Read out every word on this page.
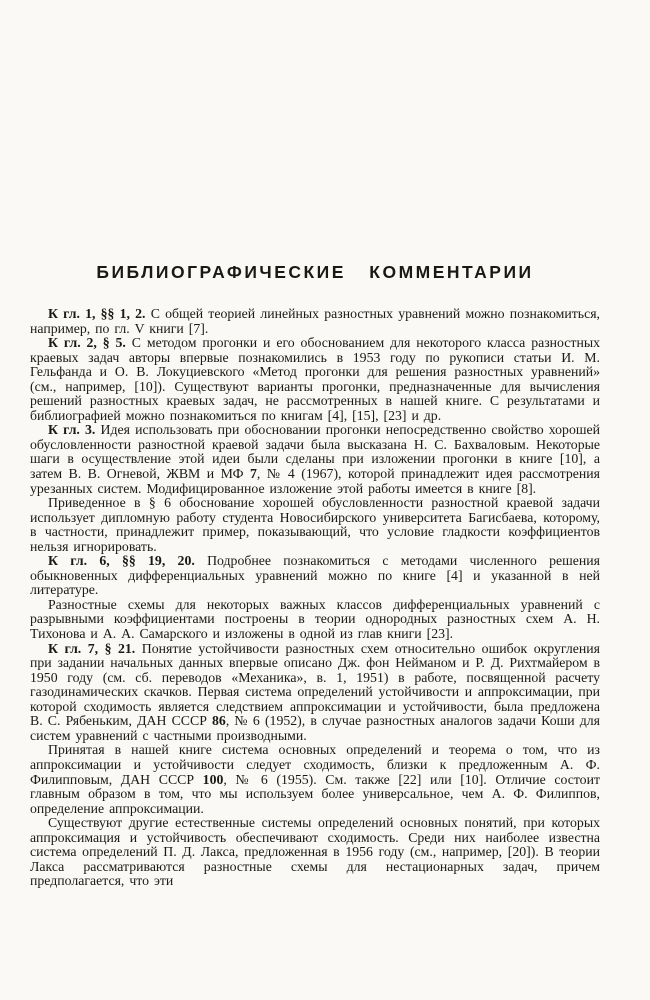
БИБЛИОГРАФИЧЕСКИЕ КОММЕНТАРИИ

К гл. 1, §§ 1, 2. С общей теорией линейных разностных уравнений можно познакомиться, например, по гл. V книги [7].

К гл. 2, § 5. С методом прогонки и его обоснованием для некоторого класса разностных краевых задач авторы впервые познакомились в 1953 году по рукописи статьи И. М. Гельфанда и О. В. Локуциевского «Метод прогонки для решения разностных уравнений» (см., например, [10]). Существуют варианты прогонки, предназначенные для вычисления решений разностных краевых задач, не рассмотренных в нашей книге. С результатами и библиографией можно познакомиться по книгам [4], [15], [23] и др.

К гл. 3. Идея использовать при обосновании прогонки непосредственно свойство хорошей обусловленности разностной краевой задачи была высказана Н. С. Бахваловым. Некоторые шаги в осуществление этой идеи были сделаны при изложении прогонки в книге [10], а затем В. В. Огневой, ЖВМ и МФ 7, № 4 (1967), которой принадлежит идея рассмотрения урезанных систем. Модифицированное изложение этой работы имеется в книге [8].

Приведенное в § 6 обоснование хорошей обусловленности разностной краевой задачи использует дипломную работу студента Новосибирского университета Багисбаева, которому, в частности, принадлежит пример, показывающий, что условие гладкости коэффициентов нельзя игнорировать.

К гл. 6, §§ 19, 20. Подробнее познакомиться с методами численного решения обыкновенных дифференциальных уравнений можно по книге [4] и указанной в ней литературе.

Разностные схемы для некоторых важных классов дифференциальных уравнений с разрывными коэффициентами построены в теории однородных разностных схем А. Н. Тихонова и А. А. Самарского и изложены в одной из глав книги [23].

К гл. 7, § 21. Понятие устойчивости разностных схем относительно ошибок округления при задании начальных данных впервые описано Дж. фон Нейманом и Р. Д. Рихтмайером в 1950 году (см. сб. переводов «Механика», в. 1, 1951) в работе, посвященной расчету газодинамических скачков. Первая система определений устойчивости и аппроксимации, при которой сходимость является следствием аппроксимации и устойчивости, была предложена В. С. Рябеньким, ДАН СССР 86, № 6 (1952), в случае разностных аналогов задачи Коши для систем уравнений с частными производными.

Принятая в нашей книге система основных определений и теорема о том, что из аппроксимации и устойчивости следует сходимость, близки к предложенным А. Ф. Филипповым, ДАН СССР 100, № 6 (1955). См. также [22] или [10]. Отличие состоит главным образом в том, что мы используем более универсальное, чем А. Ф. Филиппов, определение аппроксимации.

Существуют другие естественные системы определений основных понятий, при которых аппроксимация и устойчивость обеспечивают сходимость. Среди них наиболее известна система определений П. Д. Лакса, предложенная в 1956 году (см., например, [20]). В теории Лакса рассматриваются разностные схемы для нестационарных задач, причем предполагается, что эти
